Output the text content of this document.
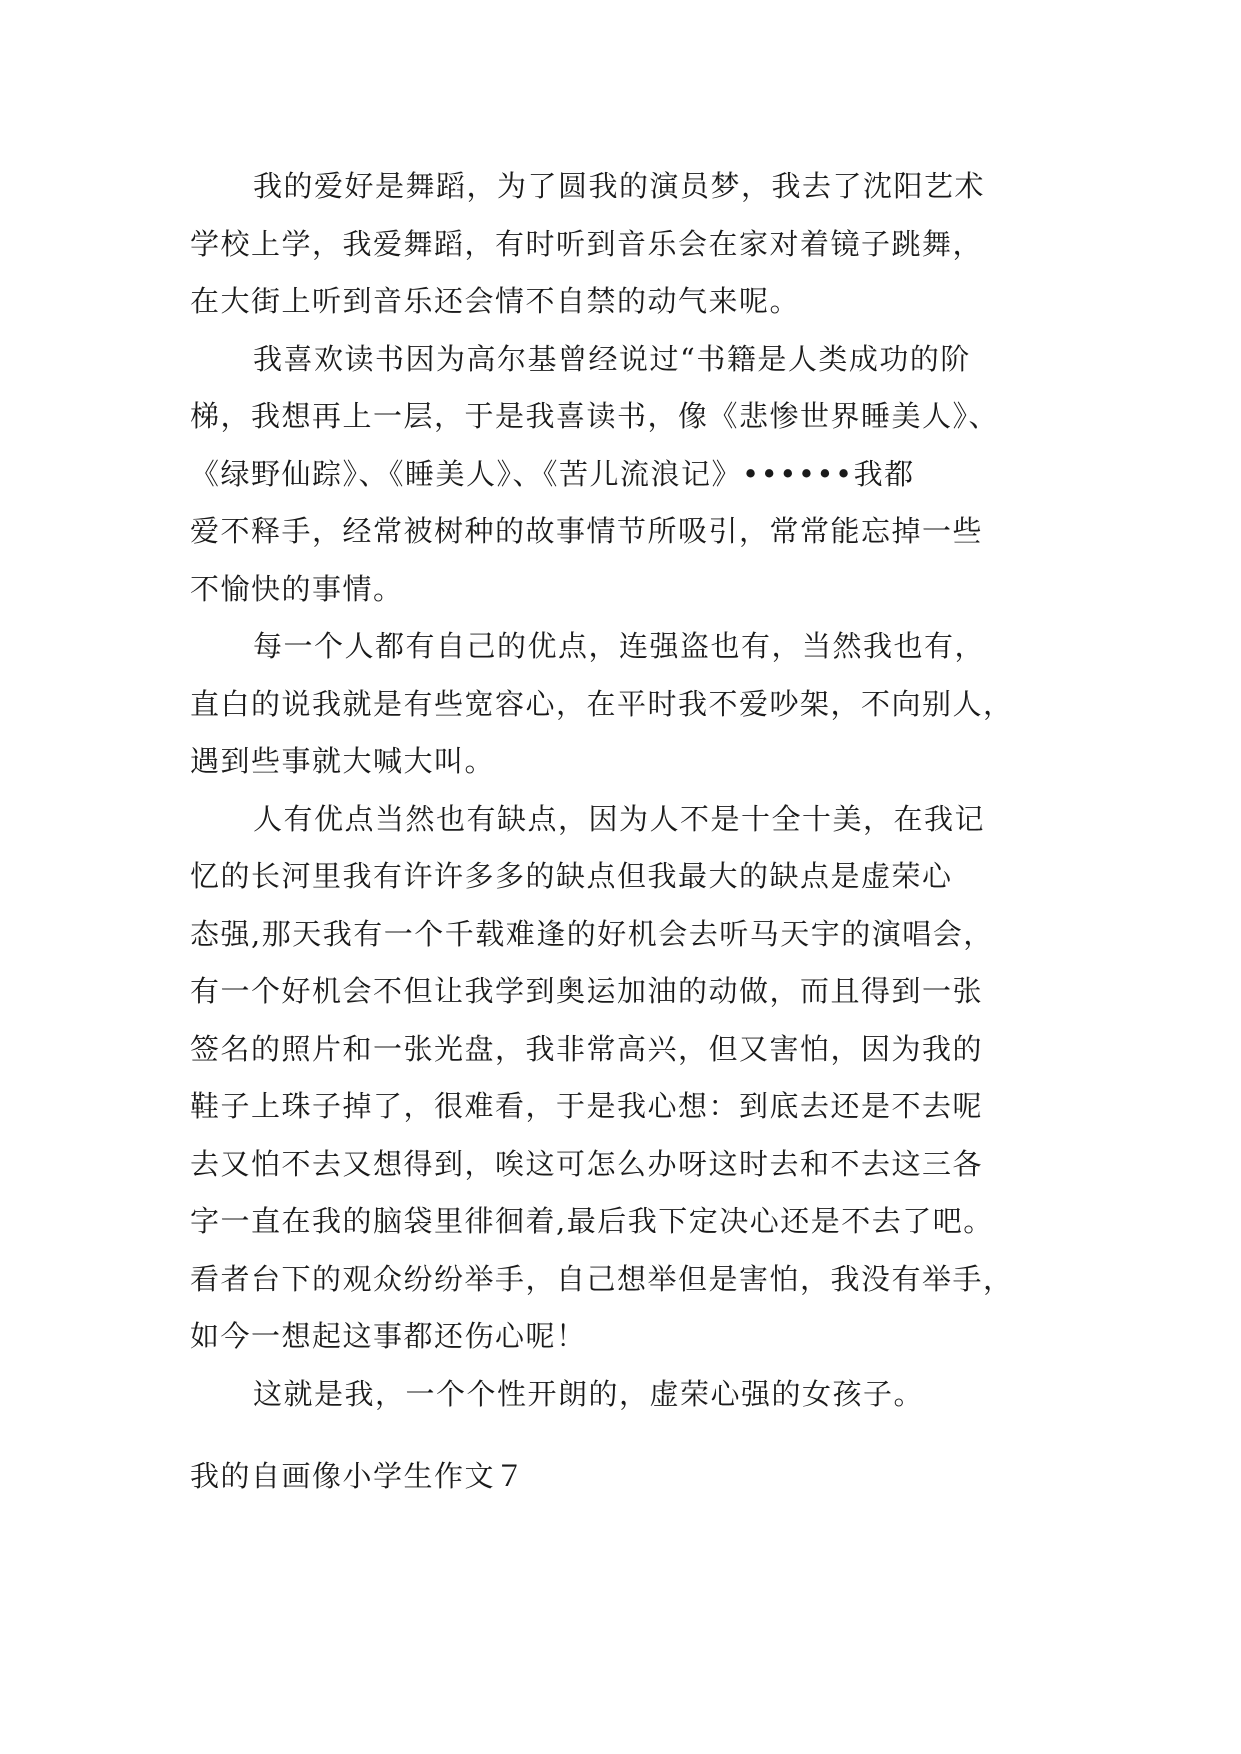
我的爱好是舞蹈，为了圆我的演员梦，我去了沈阳艺术
学校上学，我爱舞蹈，有时听到音乐会在家对着镜子跳舞，
在大街上听到音乐还会情不自禁的动气来呢。
我喜欢读书因为高尔基曾经说过“书籍是人类成功的阶
梯，我想再上一层，于是我喜读书，像《悲惨世界睡美人》、
《绿野仙踪》、《睡美人》、《苦儿流浪记》••••••我都
爱不释手，经常被树种的故事情节所吸引，常常能忘掉一些
不愉快的事情。
每一个人都有自己的优点，连强盗也有，当然我也有，
直白的说我就是有些宽容心，在平时我不爱吵架，不向别人，
遇到些事就大喊大叫。
人有优点当然也有缺点，因为人不是十全十美，在我记
忆的长河里我有许许多多的缺点但我最大的缺点是虚荣心
态强,那天我有一个千载难逢的好机会去听马天宇的演唱会，
有一个好机会不但让我学到奥运加油的动做，而且得到一张
签名的照片和一张光盘，我非常高兴，但又害怕，因为我的
鞋子上珠子掉了，很难看，于是我心想：到底去还是不去呢
去又怕不去又想得到，唉这可怎么办呀这时去和不去这三各
字一直在我的脑袋里徘徊着,最后我下定决心还是不去了吧。
看者台下的观众纷纷举手，自己想举但是害怕，我没有举手，
如今一想起这事都还伤心呢！
这就是我，一个个性开朗的，虚荣心强的女孩子。
我的自画像小学生作文７
